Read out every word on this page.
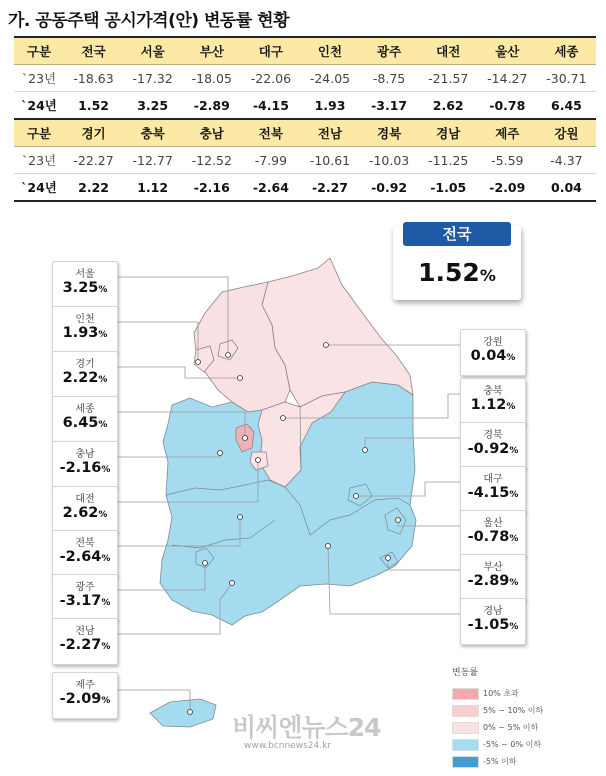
가. 공동주택 공시가격(안) 변동률 현황
구분	전국	서울	부산	대구	인천	광주	대전	울산	세종
`23년	-18.63	-17.32	-18.05	-22.06	-24.05	-8.75	-21.57	-14.27	-30.71
`24년	1.52	3.25	-2.89	-4.15	1.93	-3.17	2.62	-0.78	6.45
구분	경기	충북	충남	전북	전남	경북	경남	제주	강원
`23년	-22.27	-12.77	-12.52	-7.99	-10.61	-10.03	-11.25	-5.59	-4.37
`24년	2.22	1.12	-2.16	-2.64	-2.27	-0.92	-1.05	-2.09	0.04
서울
3.25%
인천
1.93%
경기
2.22%
세종
6.45%
충남
-2.16%
대전
2.62%
전북
-2.64%
광주
-3.17%
전남
-2.27%
제주
-2.09%
강원
0.04%
충북
1.12%
경북
-0.92%
대구
-4.15%
울산
-0.78%
부산
-2.89%
경남
-1.05%
전국
1.52%
변동률
10% 초과
5% ~ 10% 이하
0% ~ 5% 이하
-5% ~ 0% 이하
-5% 이하
비씨엔뉴스24
www.bcnnews24.kr
